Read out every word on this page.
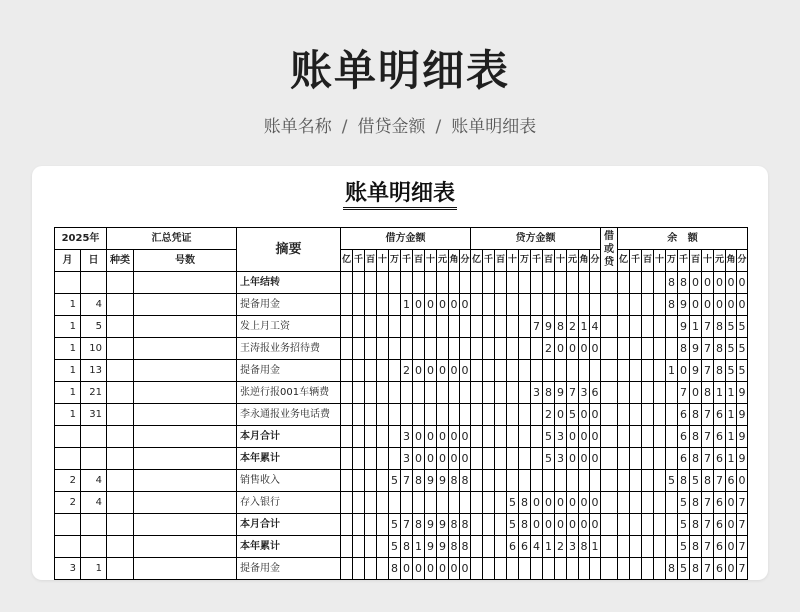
账单明细表
账单名称 / 借贷金额 / 账单明细表
账单明细表
2025年		汇总凭证		摘要	借方金额											贷方金额											借或贷	余   额										
月	日	种类	号数		亿	千	百	十	万	千	百	十	元	角	分	亿	千	百	十	万	千	百	十	元	角	分		亿	千	百	十	万	千	百	十	元	角	分
				上年结转																												8	8	0	0	0	0	0
1	4			提备用金						1	0	0	0	0	0																	8	9	0	0	0	0	0
1	5			发上月工资																	7	9	8	2	1	4							9	1	7	8	5	5
1	10			王涛报业务招待费																		2	0	0	0	0							8	9	7	8	5	5
1	13			提备用金						2	0	0	0	0	0																	1	0	9	7	8	5	5
1	21			张逆行报001车辆费																	3	8	9	7	3	6							7	0	8	1	1	9
1	31			李永通报业务电话费																		2	0	5	0	0							6	8	7	6	1	9
				本月合计						3	0	0	0	0	0							5	3	0	0	0							6	8	7	6	1	9
				本年累计						3	0	0	0	0	0							5	3	0	0	0							6	8	7	6	1	9
2	4			销售收入					5	7	8	9	9	8	8																	5	8	5	8	7	6	0
2	4			存入银行															5	8	0	0	0	0	0	0							5	8	7	6	0	7
				本月合计					5	7	8	9	9	8	8				5	8	0	0	0	0	0	0							5	8	7	6	0	7
				本年累计					5	8	1	9	9	8	8				6	6	4	1	2	3	8	1							5	8	7	6	0	7
3	1			提备用金					8	0	0	0	0	0	0																	8	5	8	7	6	0	7
